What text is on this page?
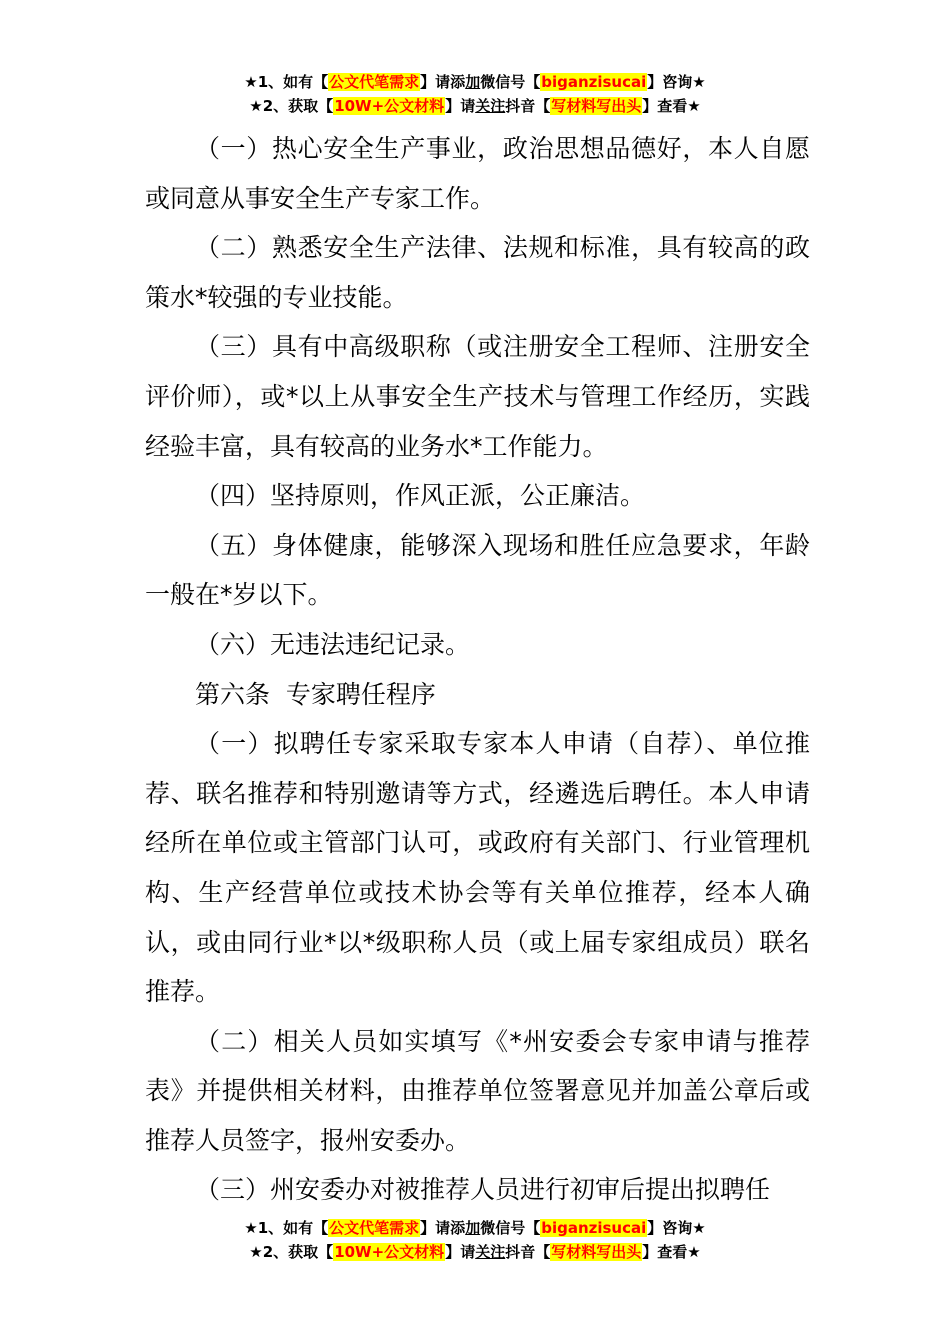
★1、如有【公文代笔需求】请添加微信号【biganzisucai】咨询★
★2、获取【10W+公文材料】请关注抖音【写材料写出头】查看★

（一）热心安全生产事业，政治思想品德好，本人自愿或同意从事安全生产专家工作。

（二）熟悉安全生产法律、法规和标准，具有较高的政策水*较强的专业技能。

（三）具有中高级职称（或注册安全工程师、注册安全评价师），或*以上从事安全生产技术与管理工作经历，实践经验丰富，具有较高的业务水*工作能力。

（四）坚持原则，作风正派，公正廉洁。

（五）身体健康，能够深入现场和胜任应急要求，年龄一般在*岁以下。

（六）无违法违纪记录。

第六条  专家聘任程序

（一）拟聘任专家采取专家本人申请（自荐）、单位推荐、联名推荐和特别邀请等方式，经遴选后聘任。本人申请经所在单位或主管部门认可，或政府有关部门、行业管理机构、生产经营单位或技术协会等有关单位推荐，经本人确认，或由同行业*以*级职称人员（或上届专家组成员）联名推荐。

（二）相关人员如实填写《*州安委会专家申请与推荐表》并提供相关材料，由推荐单位签署意见并加盖公章后或推荐人员签字，报州安委办。

（三）州安委办对被推荐人员进行初审后提出拟聘任

★1、如有【公文代笔需求】请添加微信号【biganzisucai】咨询★
★2、获取【10W+公文材料】请关注抖音【写材料写出头】查看★
